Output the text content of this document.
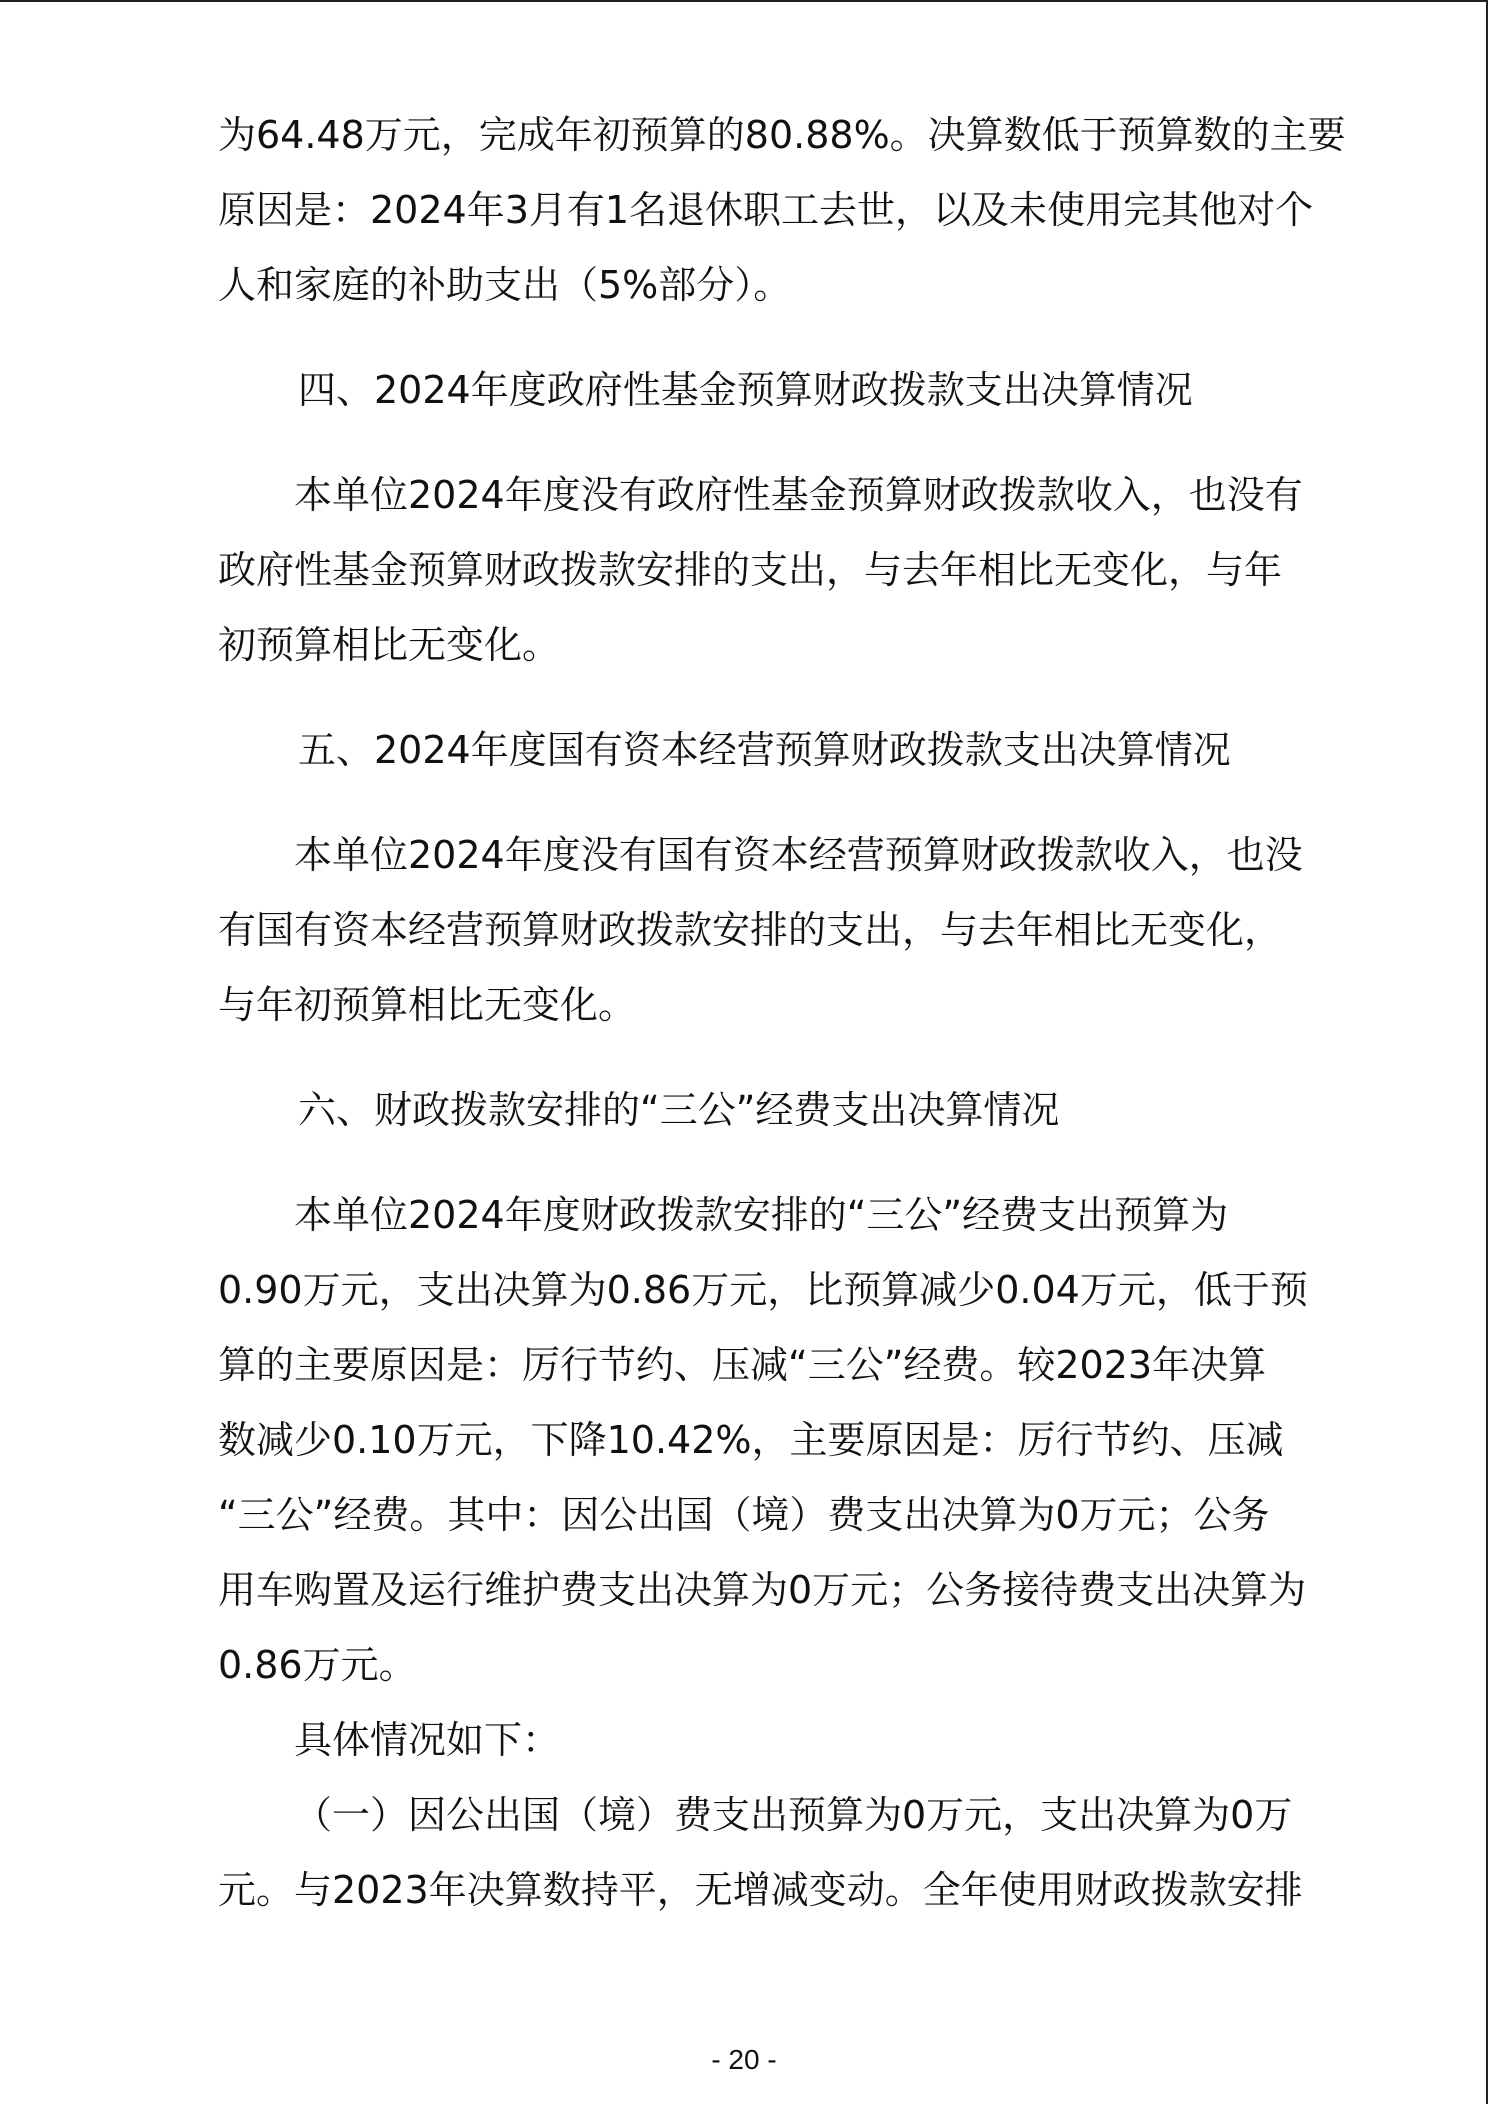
为64.48万元，完成年初预算的80.88%。决算数低于预算数的主要
原因是：2024年3月有1名退休职工去世，以及未使用完其他对个
人和家庭的补助支出（5%部分）。
四、2024年度政府性基金预算财政拨款支出决算情况
本单位2024年度没有政府性基金预算财政拨款收入，也没有
政府性基金预算财政拨款安排的支出，与去年相比无变化，与年
初预算相比无变化。
五、2024年度国有资本经营预算财政拨款支出决算情况
本单位2024年度没有国有资本经营预算财政拨款收入，也没
有国有资本经营预算财政拨款安排的支出，与去年相比无变化，
与年初预算相比无变化。
六、财政拨款安排的“三公”经费支出决算情况
本单位2024年度财政拨款安排的“三公”经费支出预算为
0.90万元，支出决算为0.86万元，比预算减少0.04万元，低于预
算的主要原因是：厉行节约、压减“三公”经费。较2023年决算
数减少0.10万元，下降10.42%，主要原因是：厉行节约、压减
“三公”经费。其中：因公出国（境）费支出决算为0万元；公务
用车购置及运行维护费支出决算为0万元；公务接待费支出决算为
0.86万元。
具体情况如下：
（一）因公出国（境）费支出预算为0万元，支出决算为0万
元。与2023年决算数持平，无增减变动。全年使用财政拨款安排
- 20 -
